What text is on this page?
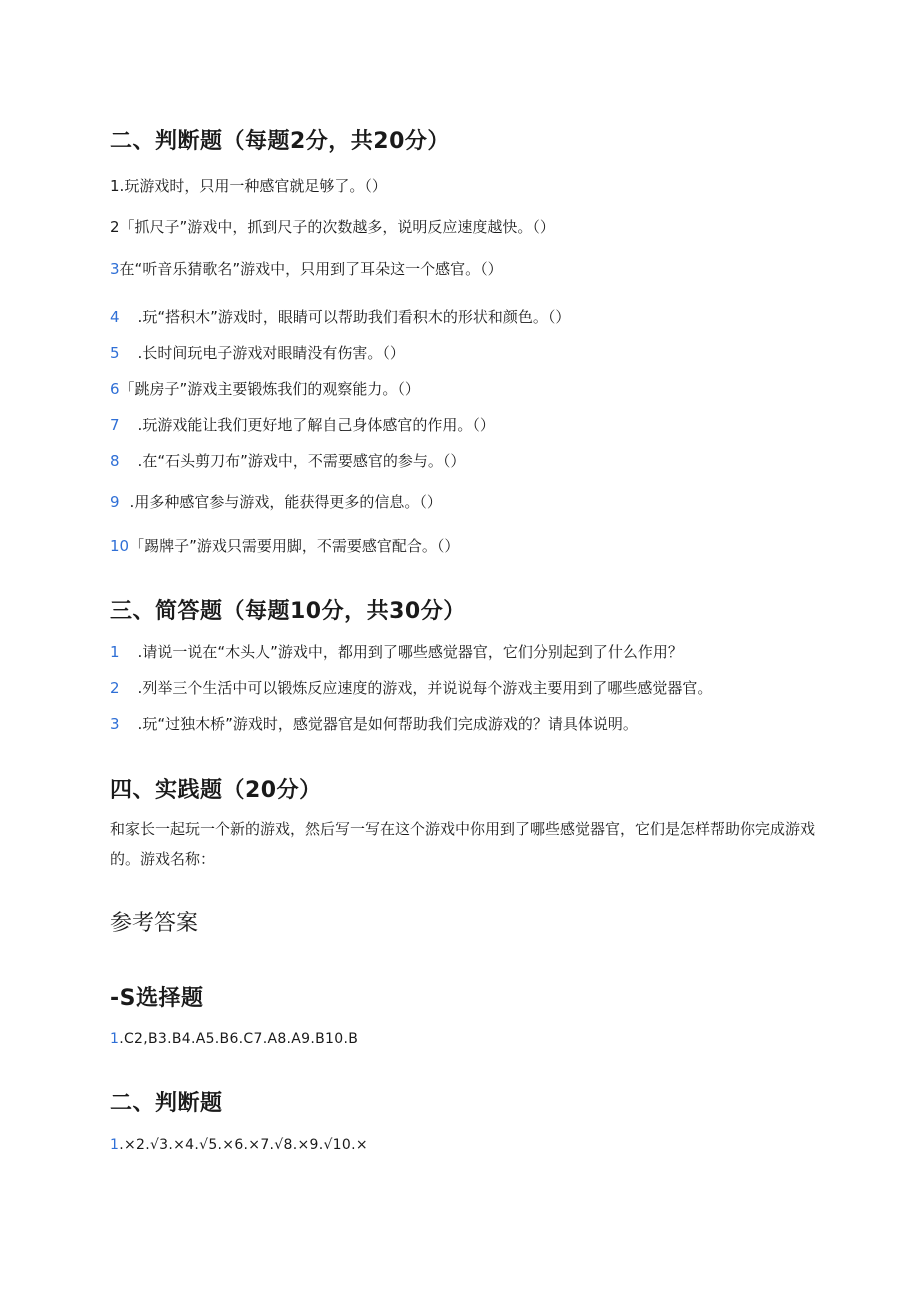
二、判断题（每题2分，共20分）
1.玩游戏时，只用一种感官就足够了。（）
2「抓尺子”游戏中，抓到尺子的次数越多，说明反应速度越快。（）
3在“听音乐猜歌名”游戏中，只用到了耳朵这一个感官。（）
4 .玩“搭积木”游戏时，眼睛可以帮助我们看积木的形状和颜色。（）
5 .长时间玩电子游戏对眼睛没有伤害。（）
6「跳房子”游戏主要锻炼我们的观察能力。（）
7 .玩游戏能让我们更好地了解自己身体感官的作用。（）
8 .在“石头剪刀布”游戏中，不需要感官的参与。（）
9 .用多种感官参与游戏，能获得更多的信息。（）
10「踢牌子”游戏只需要用脚，不需要感官配合。（）
三、简答题（每题10分，共30分）
1 .请说一说在“木头人”游戏中，都用到了哪些感觉器官，它们分别起到了什么作用？
2 .列举三个生活中可以锻炼反应速度的游戏，并说说每个游戏主要用到了哪些感觉器官。
3 .玩“过独木桥”游戏时，感觉器官是如何帮助我们完成游戏的？请具体说明。
四、实践题（20分）
和家长一起玩一个新的游戏，然后写一写在这个游戏中你用到了哪些感觉器官，它们是怎样帮助你完成游戏的。游戏名称：
参考答案
-S选择题
1.C2,B3.B4.A5.B6.C7.A8.A9.B10.B
二、判断题
1.×2.√3.×4.√5.×6.×7.√8.×9.√10.×
